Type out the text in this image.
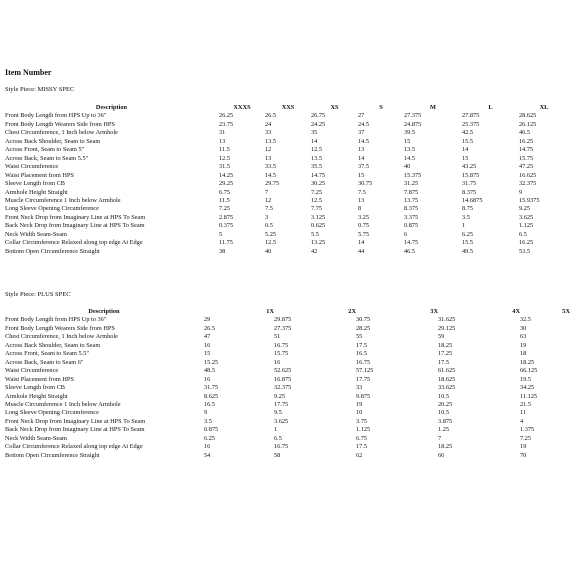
Item Number
Style Piece: MISSY SPEC
Description	XXXS	XXS	XS	S	M	L	XL
Front Body Length from HPS Up to 36"	26.25	26.5	26.75	27	27.375	27.875	28.625
Front Body Length Wearers Side from HPS	23.75	24	24.25	24.5	24.875	25.375	26.125
Chest Circumference, 1 Inch below Armhole	31	33	35	37	39.5	42.5	46.5
Across Back Shoulder, Seam to Seam	13	13.5	14	14.5	15	15.5	16.25
Across Front, Seam to Seam 5"	11.5	12	12.5	13	13.5	14	14.75
Across Back, Seam to Seam 5.5"	12.5	13	13.5	14	14.5	15	15.75
Waist Circumference	31.5	33.5	35.5	37.5	40	43.25	47.25
Waist Placement from HPS	14.25	14.5	14.75	15	15.375	15.875	16.625
Sleeve Length from CB	29.25	29.75	30.25	30.75	31.25	31.75	32.375
Armhole Height Straight	6.75	7	7.25	7.5	7.875	8.375	9
Muscle Circumference 1 Inch below Armhole	11.5	12	12.5	13	13.75	14.6875	15.9375
Long Sleeve Opening Circumference	7.25	7.5	7.75	8	8.375	8.75	9.25
Front Neck Drop from Imaginary Line at HPS To Seam	2.875	3	3.125	3.25	3.375	3.5	3.625
Back Neck Drop from Imaginary Line at HPS To Seam	0.375	0.5	0.625	0.75	0.875	1	1.125
Neck Width Seam-Seam	5	5.25	5.5	5.75	6	6.25	6.5
Collar Circumference Relaxed along top edge At Edge	11.75	12.5	13.25	14	14.75	15.5	16.25
Bottom Open Circumference Straight	38	40	42	44	46.5	49.5	53.5
Style Piece: PLUS SPEC
Description	1X	2X	3X	4X	5X
Front Body Length from HPS Up to 36"	29	29.875	30.75	31.625	32.5
Front Body Length Wearers Side from HPS	26.5	27.375	28.25	29.125	30
Chest Circumference, 1 Inch below Armhole	47	51	55	59	63
Across Back Shoulder, Seam to Seam	16	16.75	17.5	18.25	19
Across Front, Seam to Seam 5.5"	15	15.75	16.5	17.25	18
Across Back, Seam to Seam 6"	15.25	16	16.75	17.5	18.25
Waist Circumference	48.5	52.625	57.125	61.625	66.125
Waist Placement from HPS	16	16.875	17.75	18.625	19.5
Sleeve Length from CB	31.75	32.375	33	33.625	34.25
Armhole Height Straight	8.625	9.25	9.875	10.5	11.125
Muscle Circumference 1 Inch below Armhole	16.5	17.75	19	20.25	21.5
Long Sleeve Opening Circumference	9	9.5	10	10.5	11
Front Neck Drop from Imaginary Line at HPS To Seam	3.5	3.625	3.75	3.875	4
Back Neck Drop from Imaginary Line at HPS To Seam	0.875	1	1.125	1.25	1.375
Neck Width Seam-Seam	6.25	6.5	6.75	7	7.25
Collar Circumference Relaxed along top edge At Edge	16	16.75	17.5	18.25	19
Bottom Open Circumference Straight	54	58	62	66	70
